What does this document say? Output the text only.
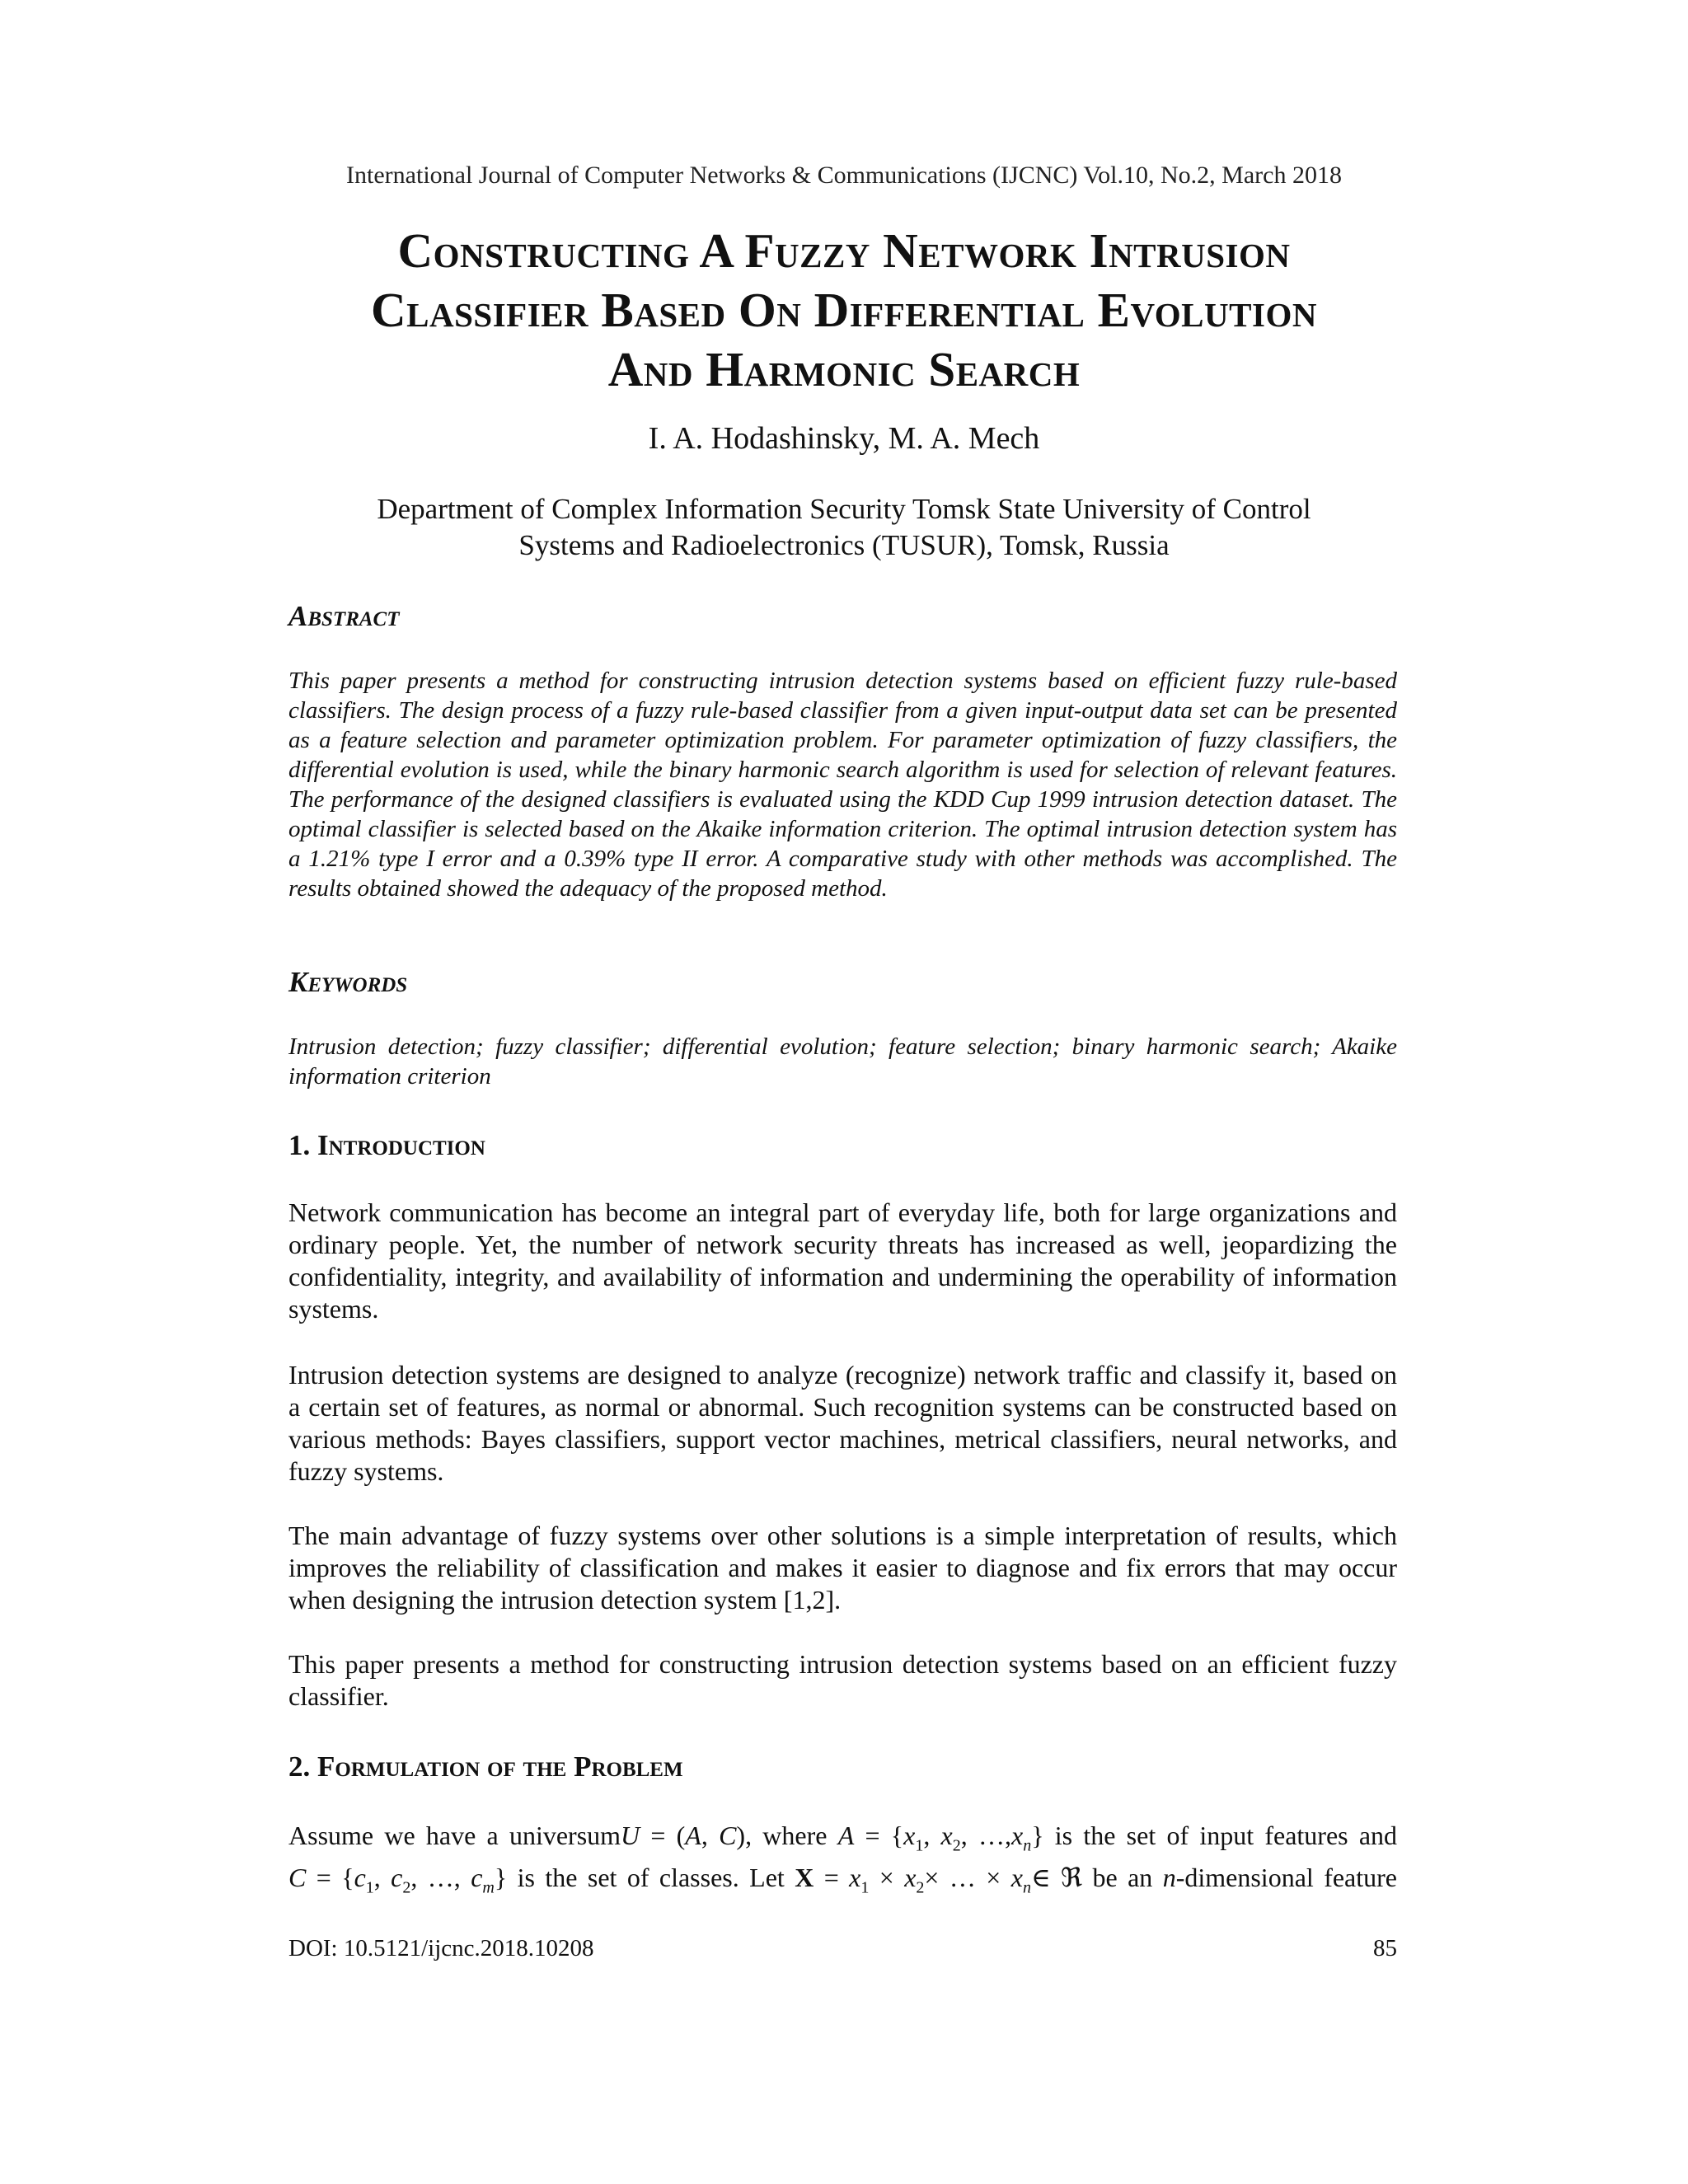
International Journal of Computer Networks & Communications (IJCNC) Vol.10, No.2, March 2018
Constructing A Fuzzy Network Intrusion
Classifier Based On Differential Evolution
And Harmonic Search
I. A. Hodashinsky, M. A. Mech
Department of Complex Information Security Tomsk State University of Control
Systems and Radioelectronics (TUSUR), Tomsk, Russia
Abstract
This paper presents a method for constructing intrusion detection systems based on efficient fuzzy rule-based classifiers. The design process of a fuzzy rule-based classifier from a given input-output data set can be presented as a feature selection and parameter optimization problem. For parameter optimization of fuzzy classifiers, the differential evolution is used, while the binary harmonic search algorithm is used for selection of relevant features. The performance of the designed classifiers is evaluated using the KDD Cup 1999 intrusion detection dataset. The optimal classifier is selected based on the Akaike information criterion. The optimal intrusion detection system has a 1.21% type I error and a 0.39% type II error. A comparative study with other methods was accomplished. The results obtained showed the adequacy of the proposed method.
Keywords
Intrusion detection; fuzzy classifier; differential evolution; feature selection; binary harmonic search; Akaike information criterion
1. Introduction
Network communication has become an integral part of everyday life, both for large organizations and ordinary people. Yet, the number of network security threats has increased as well, jeopardizing the confidentiality, integrity, and availability of information and undermining the operability of information systems.
Intrusion detection systems are designed to analyze (recognize) network traffic and classify it, based on a certain set of features, as normal or abnormal. Such recognition systems can be constructed based on various methods: Bayes classifiers, support vector machines, metrical classifiers, neural networks, and fuzzy systems.
The main advantage of fuzzy systems over other solutions is a simple interpretation of results, which improves the reliability of classification and makes it easier to diagnose and fix errors that may occur when designing the intrusion detection system [1,2].
This paper presents a method for constructing intrusion detection systems based on an efficient fuzzy classifier.
2. Formulation of the Problem
Assume we have a universumU = (A, C), where $A = \{x_1$, $x_2$, $\dots,x_n$} is the set of input features and
$C = \{c_1$, $c_2$, …, $c_m$} is the set of classes. Let $X = x_1 \times x_2\times$ … × $x_n\in$ ℜ be an n-dimensional feature
DOI: 10.5121/ijcnc.2018.10208	85
